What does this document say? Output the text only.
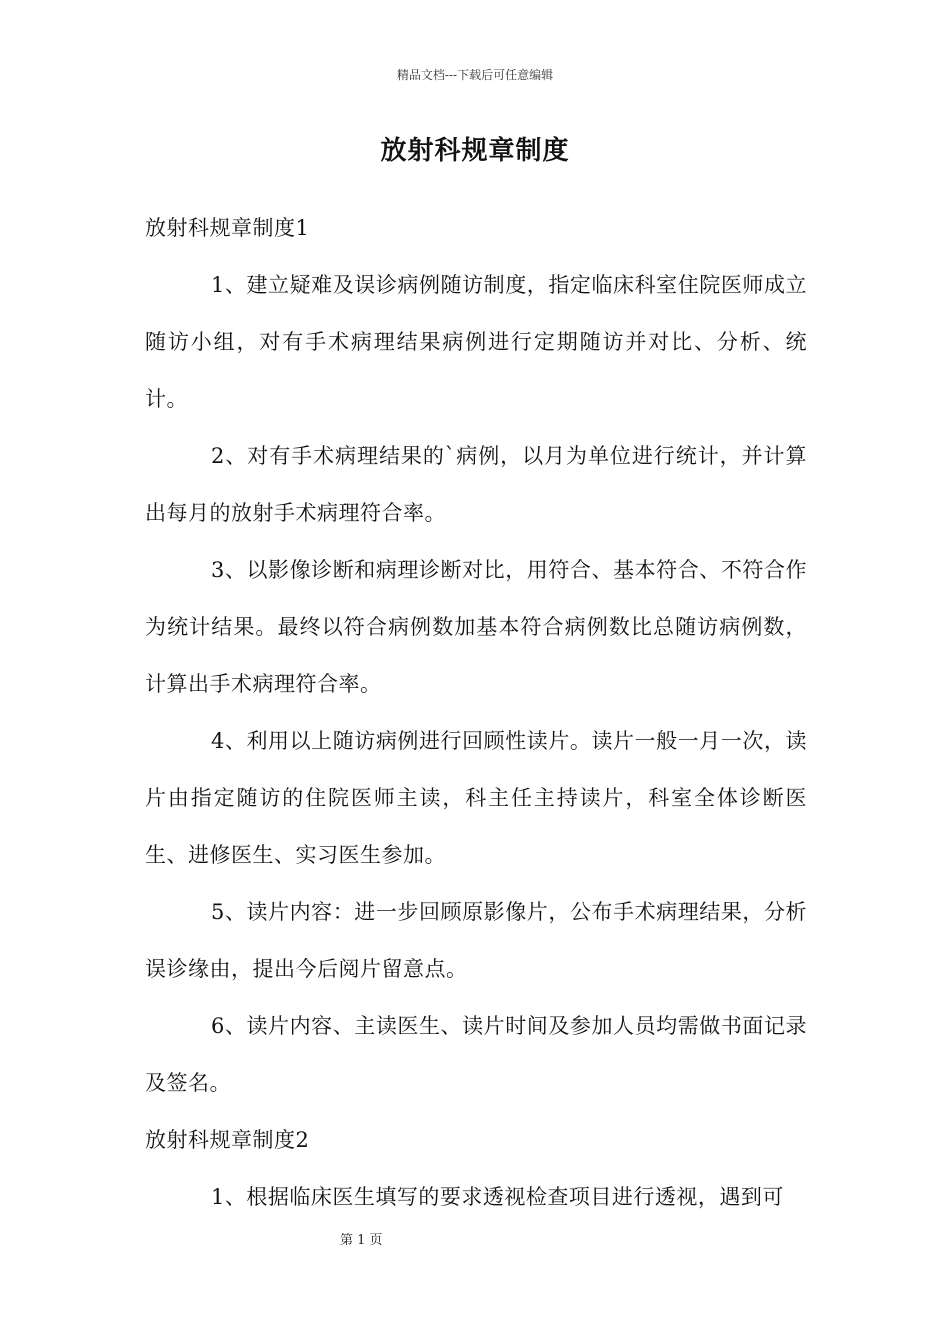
精品文档---下载后可任意编辑
放射科规章制度

放射科规章制度1

1、建立疑难及误诊病例随访制度，指定临床科室住院医师成立随访小组，对有手术病理结果病例进行定期随访并对比、分析、统计。

2、对有手术病理结果的`病例，以月为单位进行统计，并计算出每月的放射手术病理符合率。

3、以影像诊断和病理诊断对比，用符合、基本符合、不符合作为统计结果。最终以符合病例数加基本符合病例数比总随访病例数，计算出手术病理符合率。

4、利用以上随访病例进行回顾性读片。读片一般一月一次，读片由指定随访的住院医师主读，科主任主持读片，科室全体诊断医生、进修医生、实习医生参加。

5、读片内容：进一步回顾原影像片，公布手术病理结果，分析误诊缘由，提出今后阅片留意点。

6、读片内容、主读医生、读片时间及参加人员均需做书面记录及签名。

放射科规章制度2

1、根据临床医生填写的要求透视检查项目进行透视，遇到可

第 1 页
